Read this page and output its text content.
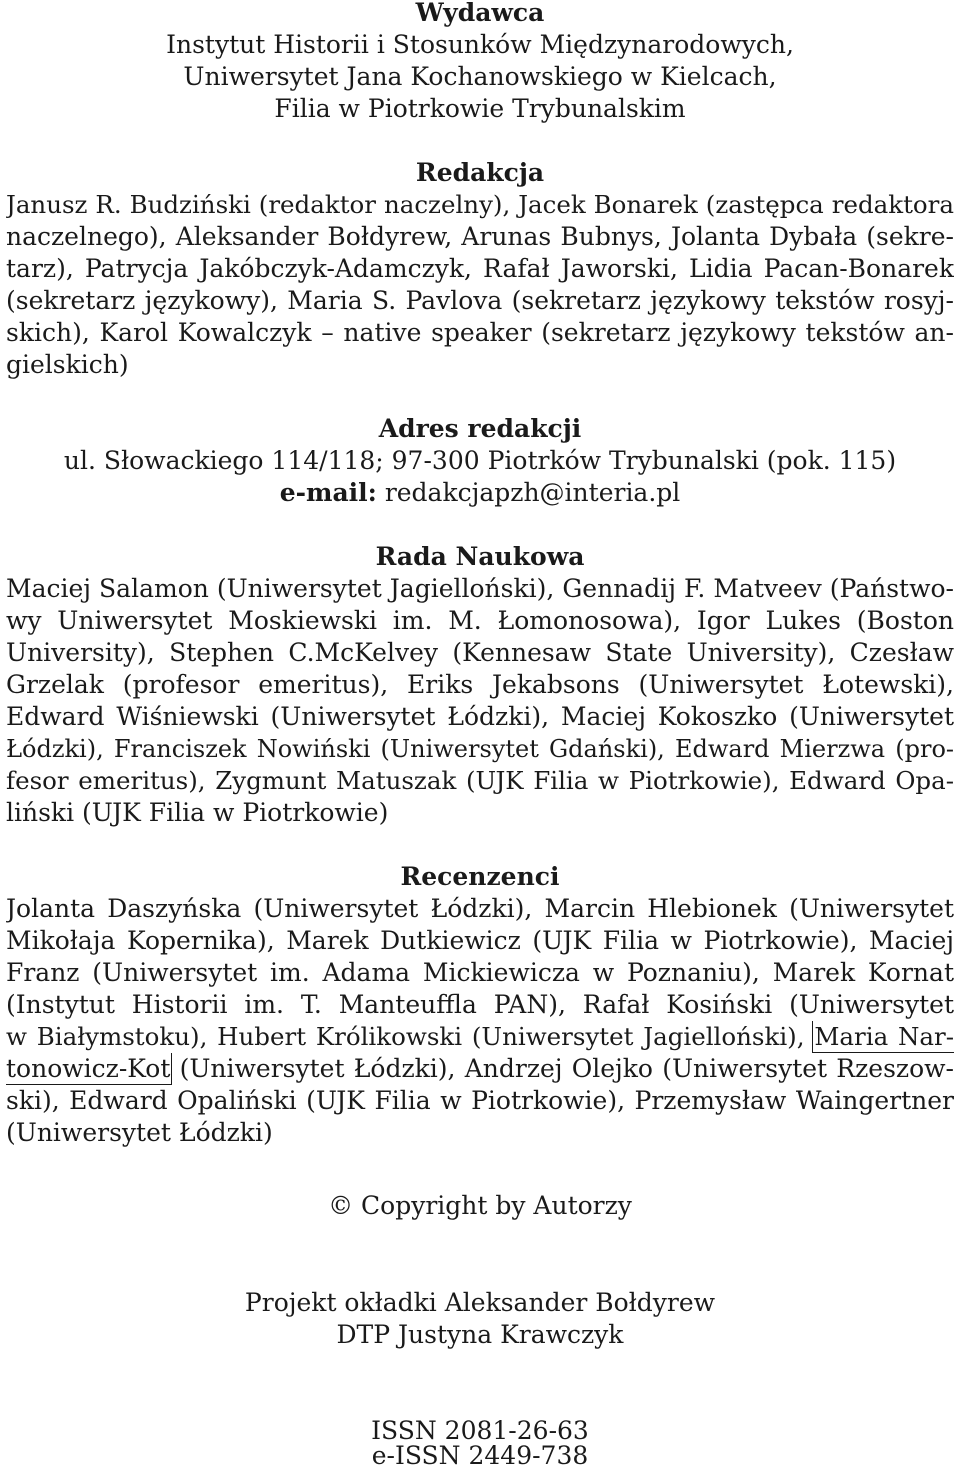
Wydawca
Instytut Historii i Stosunków Międzynarodowych,
Uniwersytet Jana Kochanowskiego w Kielcach,
Filia w Piotrkowie Trybunalskim
Redakcja
Janusz R. Budziński (redaktor naczelny), Jacek Bonarek (zastępca redaktora
naczelnego), Aleksander Bołdyrew, Arunas Bubnys, Jolanta Dybała (sekre-
tarz), Patrycja Jakóbczyk-Adamczyk, Rafał Jaworski, Lidia Pacan-Bonarek
(sekretarz językowy), Maria S. Pavlova (sekretarz językowy tekstów rosyj-
skich), Karol Kowalczyk – native speaker (sekretarz językowy tekstów an-
gielskich)
Adres redakcji
ul. Słowackiego 114/118; 97-300 Piotrków Trybunalski (pok. 115)
e-mail: redakcjapzh@interia.pl
Rada Naukowa
Maciej Salamon (Uniwersytet Jagielloński), Gennadij F. Matveev (Państwo-
wy Uniwersytet Moskiewski im. M. Łomonosowa), Igor Lukes (Boston
University), Stephen C.McKelvey (Kennesaw State University), Czesław
Grzelak (profesor emeritus), Eriks Jekabsons (Uniwersytet Łotewski),
Edward Wiśniewski (Uniwersytet Łódzki), Maciej Kokoszko (Uniwersytet
Łódzki), Franciszek Nowiński (Uniwersytet Gdański), Edward Mierzwa (pro-
fesor emeritus), Zygmunt Matuszak (UJK Filia w Piotrkowie), Edward Opa-
liński (UJK Filia w Piotrkowie)
Recenzenci
Jolanta Daszyńska (Uniwersytet Łódzki), Marcin Hlebionek (Uniwersytet
Mikołaja Kopernika), Marek Dutkiewicz (UJK Filia w Piotrkowie), Maciej
Franz (Uniwersytet im. Adama Mickiewicza w Poznaniu), Marek Kornat
(Instytut Historii im. T. Manteuffla PAN), Rafał Kosiński (Uniwersytet
w Białymstoku), Hubert Królikowski (Uniwersytet Jagielloński), Maria Nar-
tonowicz-Kot (Uniwersytet Łódzki), Andrzej Olejko (Uniwersytet Rzeszow-
ski), Edward Opaliński (UJK Filia w Piotrkowie), Przemysław Waingertner
(Uniwersytet Łódzki)
© Copyright by Autorzy
Projekt okładki Aleksander Bołdyrew
DTP Justyna Krawczyk
ISSN 2081-26-63
e-ISSN 2449-738
